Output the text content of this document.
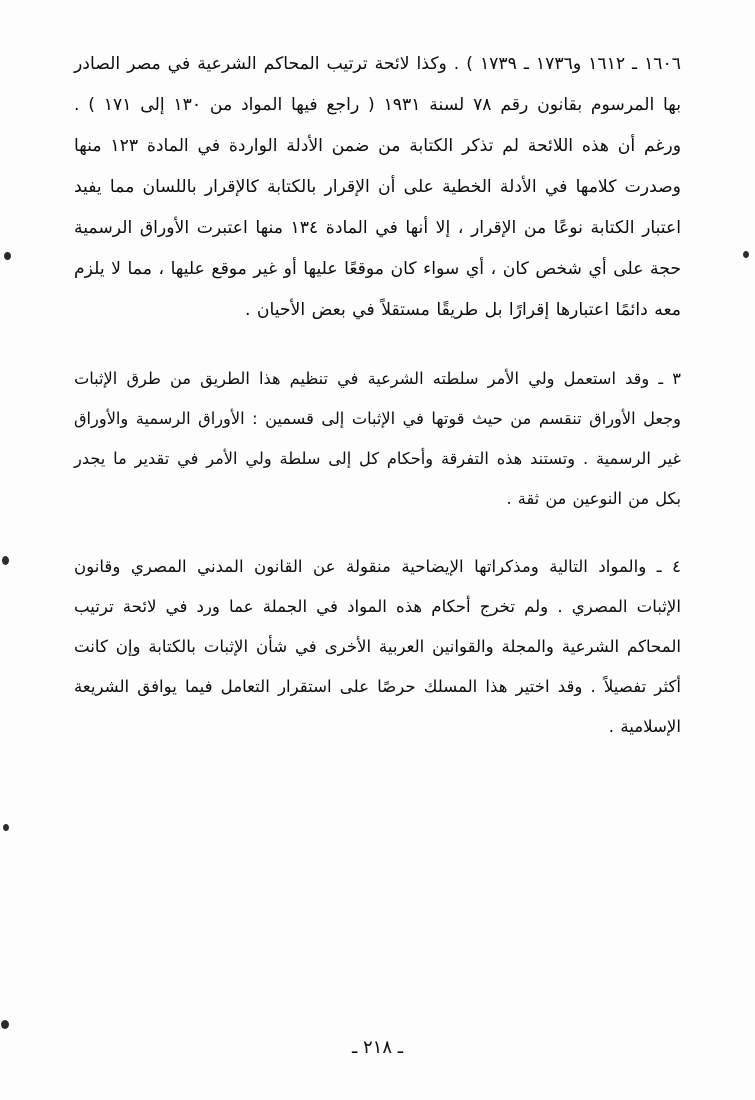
١٦٠٦ ـ ١٦١٢ و١٧٣٦ ـ ١٧٣٩ ) . وكذا لائحة ترتيب المحاكم الشرعية في مصر الصادر بها المرسوم بقانون رقم ٧٨ لسنة ١٩٣١ ( راجع فيها المواد من ١٣٠ إلى ١٧١ ) . ورغم أن هذه اللائحة لم تذكر الكتابة من ضمن الأدلة الواردة في المادة ١٢٣ منها وصدرت كلامها في الأدلة الخطية على أن الإقرار بالكتابة كالإقرار باللسان مما يفيد اعتبار الكتابة نوعًا من الإقرار ، إلا أنها في المادة ١٣٤ منها اعتبرت الأوراق الرسمية حجة على أي شخص كان ، أي سواء كان موقعًا عليها أو غير موقع عليها ، مما لا يلزم معه دائمًا اعتبارها إقرارًا بل طريقًا مستقلاً في بعض الأحيان .

٣ ـ وقد استعمل ولي الأمر سلطته الشرعية في تنظيم هذا الطريق من طرق الإثبات وجعل الأوراق تنقسم من حيث قوتها في الإثبات إلى قسمين : الأوراق الرسمية والأوراق غير الرسمية . وتستند هذه التفرقة وأحكام كل إلى سلطة ولي الأمر في تقدير ما يجدر بكل من النوعين من ثقة .

٤ ـ والمواد التالية ومذكراتها الإيضاحية منقولة عن القانون المدني المصري وقانون الإثبات المصري . ولم تخرج أحكام هذه المواد في الجملة عما ورد في لائحة ترتيب المحاكم الشرعية والمجلة والقوانين العربية الأخرى في شأن الإثبات بالكتابة وإن كانت أكثر تفصيلاً . وقد اختير هذا المسلك حرصًا على استقرار التعامل فيما يوافق الشريعة الإسلامية .

ـ ٢١٨ ـ
